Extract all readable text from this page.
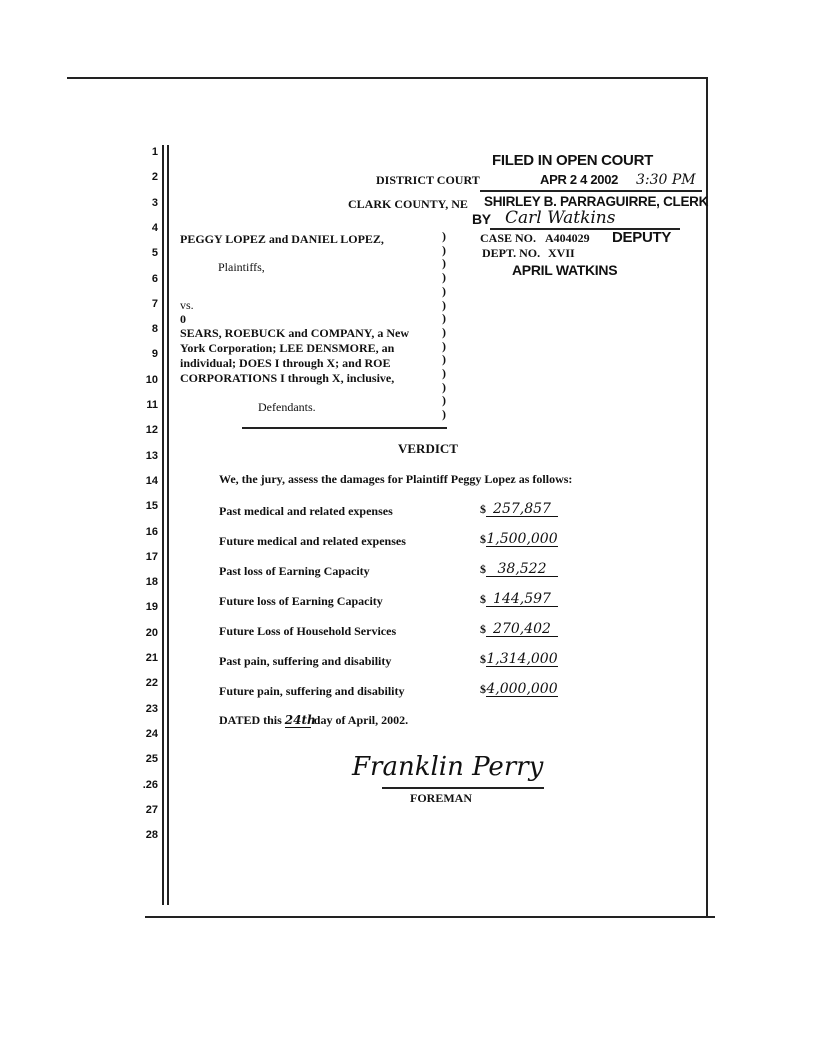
1
2
3
4
5
6
7
8
9
10
11
12
13
14
15
16
17
18
19
20
21
22
23
24
25
.26
27
28
DISTRICT COURT
CLARK COUNTY, NE
FILED IN OPEN COURT
APR 2 4 2002 3:30 PM
SHIRLEY B. PARRAGUIRRE, CLERK
BY Carl Watkins
CASE NO. A404029 DEPUTY
DEPT. NO. XVII
APRIL WATKINS
PEGGY LOPEZ and DANIEL LOPEZ,
Plaintiffs,
vs.
0
SEARS, ROEBUCK and COMPANY, a New
York Corporation; LEE DENSMORE, an
individual; DOES I through X; and ROE
CORPORATIONS I through X, inclusive,
Defendants.
)
)
)
)
)
)
)
)
)
)
)
)
)
)
VERDICT
We, the jury, assess the damages for Plaintiff Peggy Lopez as follows:
Past medical and related expenses	$ 257,857
Future medical and related expenses	$1,500,000
Past loss of Earning Capacity	$ 38,522
Future loss of Earning Capacity	$ 144,597
Future Loss of Household Services	$ 270,402
Past pain, suffering and disability	$1,314,000
Future pain, suffering and disability	$4,000,000
DATED this 24th day of April, 2002.
Franklin Perry
FOREMAN
